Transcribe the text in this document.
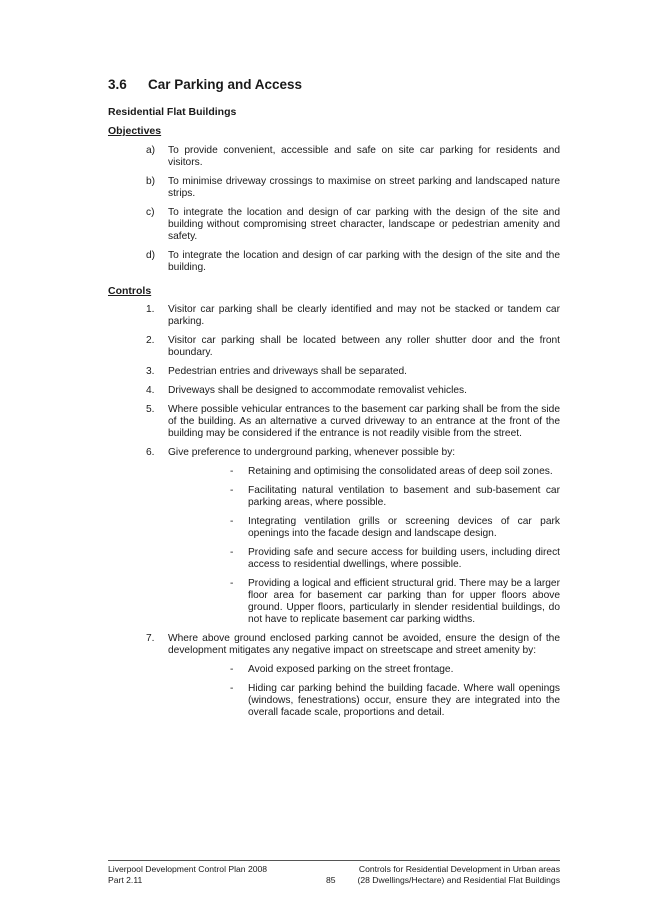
3.6 Car Parking and Access
Residential Flat Buildings
Objectives
a) To provide convenient, accessible and safe on site car parking for residents and visitors.
b) To minimise driveway crossings to maximise on street parking and landscaped nature strips.
c) To integrate the location and design of car parking with the design of the site and building without compromising street character, landscape or pedestrian amenity and safety.
d) To integrate the location and design of car parking with the design of the site and the building.
Controls
1. Visitor car parking shall be clearly identified and may not be stacked or tandem car parking.
2. Visitor car parking shall be located between any roller shutter door and the front boundary.
3. Pedestrian entries and driveways shall be separated.
4. Driveways shall be designed to accommodate removalist vehicles.
5. Where possible vehicular entrances to the basement car parking shall be from the side of the building. As an alternative a curved driveway to an entrance at the front of the building may be considered if the entrance is not readily visible from the street.
6. Give preference to underground parking, whenever possible by:
- Retaining and optimising the consolidated areas of deep soil zones.
- Facilitating natural ventilation to basement and sub-basement car parking areas, where possible.
- Integrating ventilation grills or screening devices of car park openings into the facade design and landscape design.
- Providing safe and secure access for building users, including direct access to residential dwellings, where possible.
- Providing a logical and efficient structural grid. There may be a larger floor area for basement car parking than for upper floors above ground. Upper floors, particularly in slender residential buildings, do not have to replicate basement car parking widths.
7. Where above ground enclosed parking cannot be avoided, ensure the design of the development mitigates any negative impact on streetscape and street amenity by:
- Avoid exposed parking on the street frontage.
- Hiding car parking behind the building facade. Where wall openings (windows, fenestrations) occur, ensure they are integrated into the overall facade scale, proportions and detail.
Liverpool Development Control Plan 2008
Part 2.11	85
Controls for Residential Development in Urban areas
(28 Dwellings/Hectare) and Residential Flat Buildings
